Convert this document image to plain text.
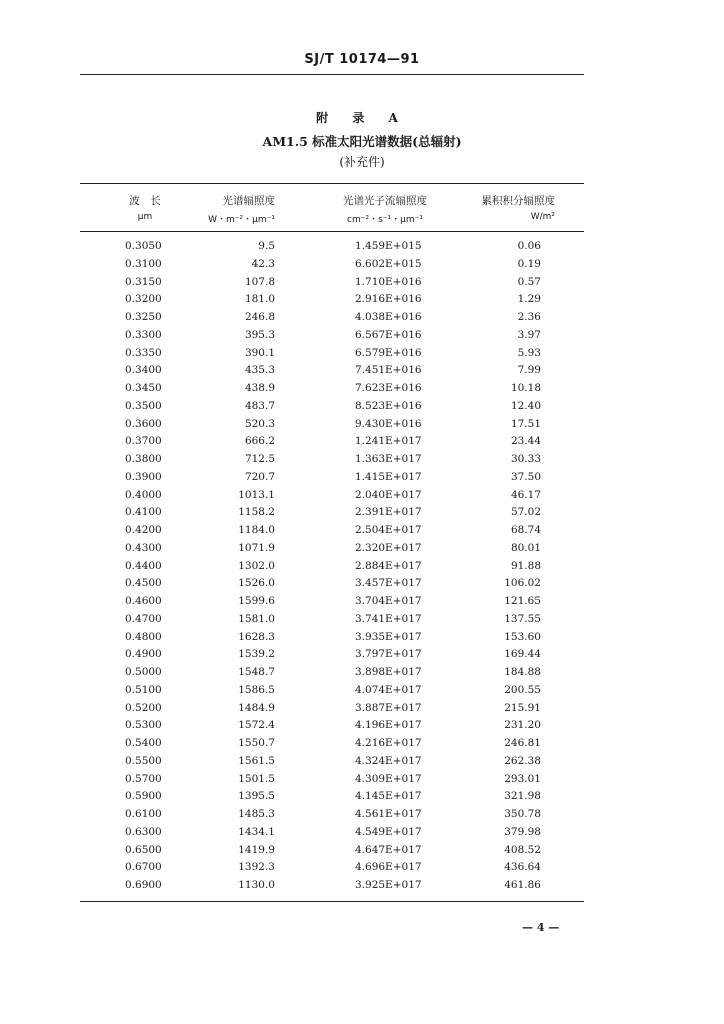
SJ/T 10174—91
附 录 A
AM1.5 标准太阳光谱数据(总辐射)
(补充件)
波　长	光谱辐照度	光谱光子流辐照度	累积积分辐照度
μm	W・m⁻²・μm⁻¹	cm⁻²・s⁻¹・μm⁻¹	W/m²
0.3050	9.5	1.459E+015	0.06
0.3100	42.3	6.602E+015	0.19
0.3150	107.8	1.710E+016	0.57
0.3200	181.0	2.916E+016	1.29
0.3250	246.8	4.038E+016	2.36
0.3300	395.3	6.567E+016	3.97
0.3350	390.1	6.579E+016	5.93
0.3400	435.3	7.451E+016	7.99
0.3450	438.9	7.623E+016	10.18
0.3500	483.7	8.523E+016	12.40
0.3600	520.3	9.430E+016	17.51
0.3700	666.2	1.241E+017	23.44
0.3800	712.5	1.363E+017	30.33
0.3900	720.7	1.415E+017	37.50
0.4000	1013.1	2.040E+017	46.17
0.4100	1158.2	2.391E+017	57.02
0.4200	1184.0	2.504E+017	68.74
0.4300	1071.9	2.320E+017	80.01
0.4400	1302.0	2.884E+017	91.88
0.4500	1526.0	3.457E+017	106.02
0.4600	1599.6	3.704E+017	121.65
0.4700	1581.0	3.741E+017	137.55
0.4800	1628.3	3.935E+017	153.60
0.4900	1539.2	3.797E+017	169.44
0.5000	1548.7	3.898E+017	184.88
0.5100	1586.5	4.074E+017	200.55
0.5200	1484.9	3.887E+017	215.91
0.5300	1572.4	4.196E+017	231.20
0.5400	1550.7	4.216E+017	246.81
0.5500	1561.5	4.324E+017	262.38
0.5700	1501.5	4.309E+017	293.01
0.5900	1395.5	4.145E+017	321.98
0.6100	1485.3	4.561E+017	350.78
0.6300	1434.1	4.549E+017	379.98
0.6500	1419.9	4.647E+017	408.52
0.6700	1392.3	4.696E+017	436.64
0.6900	1130.0	3.925E+017	461.86
— 4 —
